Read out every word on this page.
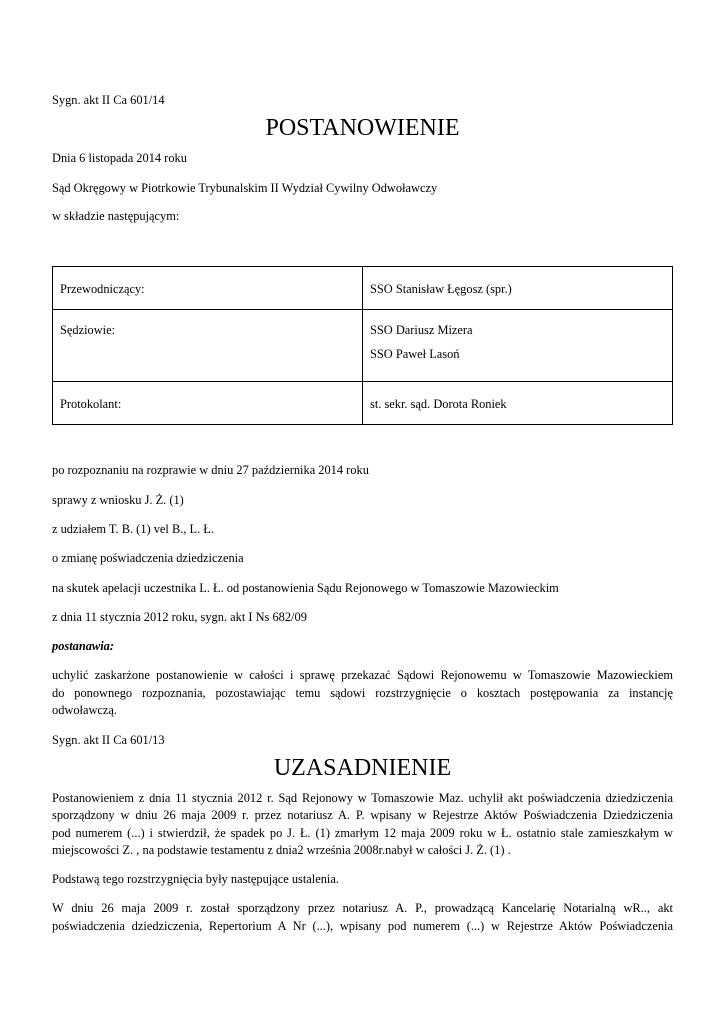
Sygn. akt II Ca 601/14
POSTANOWIENIE
Dnia 6 listopada 2014 roku
Sąd Okręgowy w Piotrkowie Trybunalskim II Wydział Cywilny Odwoławczy
w składzie następującym:
Przewodniczący:	SSO Stanisław Łęgosz (spr.)

Sędziowie:	SSO Dariusz Mizera
SSO Paweł Lasoń

Protokolant:	st. sekr. sąd. Dorota Roniek
po rozpoznaniu na rozprawie w dniu 27 października 2014 roku
sprawy z wniosku J. Ż. (1)
z udziałem T. B. (1) vel B., L. Ł.
o zmianę poświadczenia dziedziczenia
na skutek apelacji uczestnika L. Ł. od postanowienia Sądu Rejonowego w Tomaszowie Mazowieckim
z dnia 11 stycznia 2012 roku, sygn. akt I Ns 682/09
postanawia:
uchylić zaskarżone postanowienie w całości i sprawę przekazać Sądowi Rejonowemu w Tomaszowie Mazowieckiem
do ponownego rozpoznania, pozostawiając temu sądowi rozstrzygnięcie o kosztach postępowania za instancję
odwoławczą.
Sygn. akt II Ca 601/13
UZASADNIENIE
Postanowieniem z dnia 11 stycznia 2012 r. Sąd Rejonowy w Tomaszowie Maz. uchylił akt poświadczenia dziedziczenia
sporządzony w dniu 26 maja 2009 r. przez notariusz A. P. wpisany w Rejestrze Aktów Poświadczenia Dziedziczenia
pod numerem (...) i stwierdził, że spadek po J. Ł. (1) zmarłym 12 maja 2009 roku w Ł. ostatnio stale zamieszkałym w
miejscowości Z. , na podstawie testamentu z dnia2 września 2008r.nabył w całości J. Ż. (1) .
Podstawą tego rozstrzygnięcia były następujące ustalenia.
W dniu 26 maja 2009 r. został sporządzony przez notariusz A. P., prowadzącą Kancelarię Notarialną wR.., akt
poświadczenia dziedziczenia, Repertorium A Nr (...), wpisany pod numerem (...) w Rejestrze Aktów Poświadczenia
